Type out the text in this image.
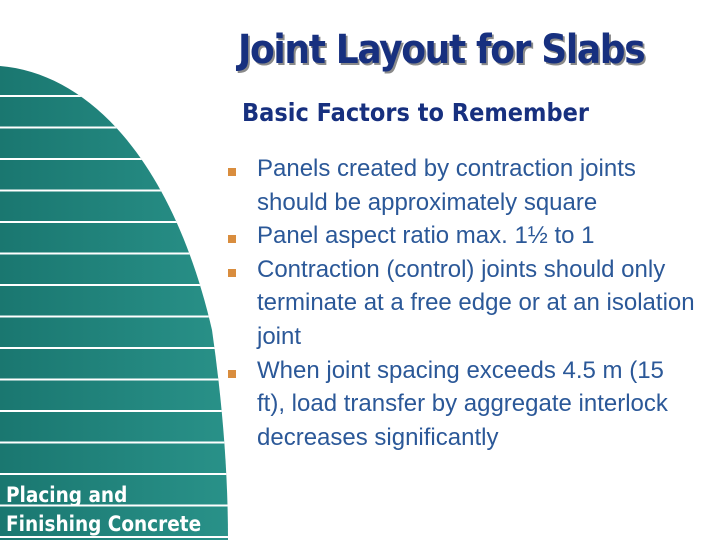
Joint Layout for Slabs
Basic Factors to Remember
Panels created by contraction joints should be approximately square
Panel aspect ratio max. 1½ to 1
Contraction (control) joints should only terminate at a free edge or at an isolation joint
When joint spacing exceeds 4.5 m (15 ft), load transfer by aggregate interlock decreases significantly
Placing and
Finishing Concrete
